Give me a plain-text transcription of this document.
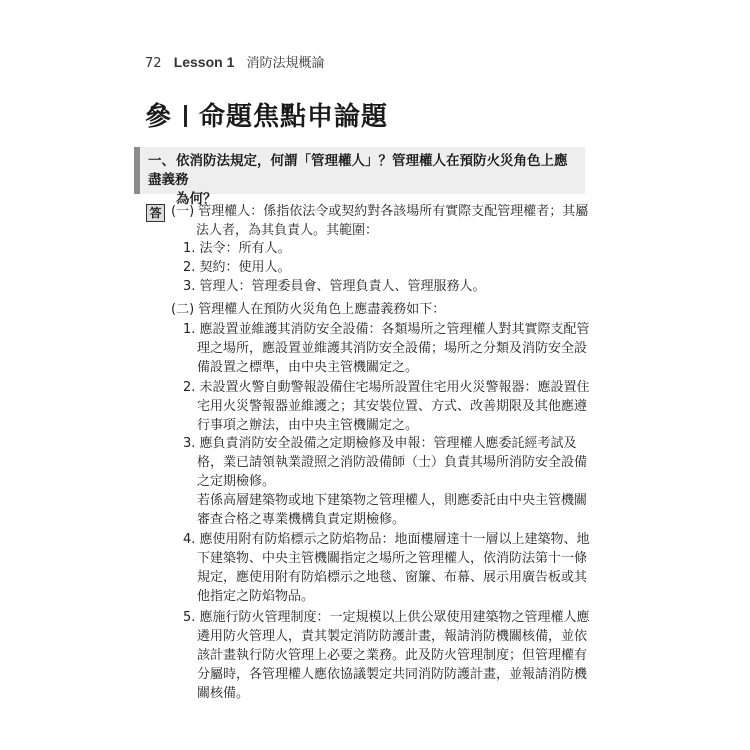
72 Lesson 1 消防法規概論
參 命題焦點申論題
一、依消防法規定，何謂「管理權人」？管理權人在預防火災角色上應盡義務
為何？
答 (一) 管理權人：係指依法令或契約對各該場所有實際支配管理權者；其屬
法人者，為其負責人。其範圍：
1. 法令：所有人。
2. 契約：使用人。
3. 管理人：管理委員會、管理負責人、管理服務人。
(二) 管理權人在預防火災角色上應盡義務如下：
1. 應設置並維護其消防安全設備：各類場所之管理權人對其實際支配管
理之場所，應設置並維護其消防安全設備；場所之分類及消防安全設
備設置之標準，由中央主管機關定之。
2. 未設置火警自動警報設備住宅場所設置住宅用火災警報器：應設置住
宅用火災警報器並維護之；其安裝位置、方式、改善期限及其他應遵
行事項之辦法，由中央主管機關定之。
3. 應負責消防安全設備之定期檢修及申報：管理權人應委託經考試及
格，業已請領執業證照之消防設備師（士）負責其場所消防安全設備
之定期檢修。
若係高層建築物或地下建築物之管理權人，則應委託由中央主管機關
審查合格之專業機構負責定期檢修。
4. 應使用附有防焰標示之防焰物品：地面樓層達十一層以上建築物、地
下建築物、中央主管機關指定之場所之管理權人，依消防法第十一條
規定，應使用附有防焰標示之地毯、窗簾、布幕、展示用廣告板或其
他指定之防焰物品。
5. 應施行防火管理制度：一定規模以上供公眾使用建築物之管理權人應
遴用防火管理人，責其製定消防防護計畫，報請消防機關核備，並依
該計畫執行防火管理上必要之業務。此及防火管理制度；但管理權有
分屬時，各管理權人應依協議製定共同消防防護計畫，並報請消防機
關核備。
